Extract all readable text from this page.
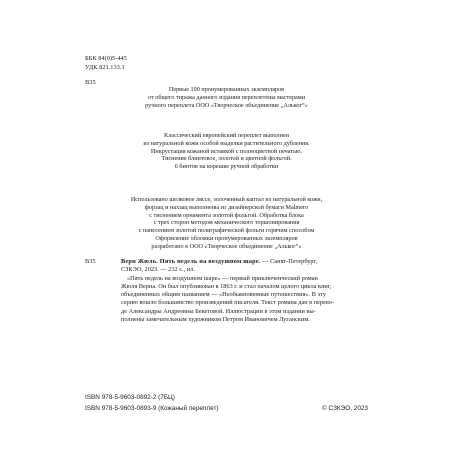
ББК 84(0)5-445
УДК 821.133.1
В35
Первые 100 пронумерованных экземпляров
от общего тиража данного издания переплетены мастерами
ручного переплета ООО «Творческое объединение „Альког“»
Классический европейский переплет выполнен
из натуральной кожи особой выделки растительного дубления.
Инкрустация кожаной вставкой с полноцветной печатью.
Тиснение блинтовое, золотой и цветной фольгой.
6 бинтов на корешке ручной обработки
Использовано шелковое ляссе, золоченный каптал из натуральной кожи,
форзац и нахзац выполнены из дизайнерской бумаги Malmero
с тиснением орнамента золотой фольгой. Обработка блока
с трех сторон методом механического торшонирования
с нанесением золотой полиграфической фольги горячим способом
Оформление обложки пронумерованных экземпляров
разработано в ООО «Творческое объединение „Альког“»
В35	Верн Жюль. Пять недель на воздушном шаре. — Санкт-Петербург,
СЗКЭО, 2023. — 232 с., ил.
«Пять недель на воздушном шаре» — первый приключенческий роман
Жюля Верна. Он был опубликован в 1863 г. и стал началом целого цикла книг,
объединенных общим названием — «Необыкновенные путешествия». В эту
серию вошло большинство произведений писателя. Текст романа дан в перево-
де Александры Андреевны Бекетовой. Иллюстрации в этом издании вы-
полнены замечательным художником Петром Ивановичем Луганским.
ISBN 978-5-9603-0892-2 (7БЦ)
ISBN 978-5-9603-0893-9 (Кожаный переплет)	© СЗКЭО, 2023
